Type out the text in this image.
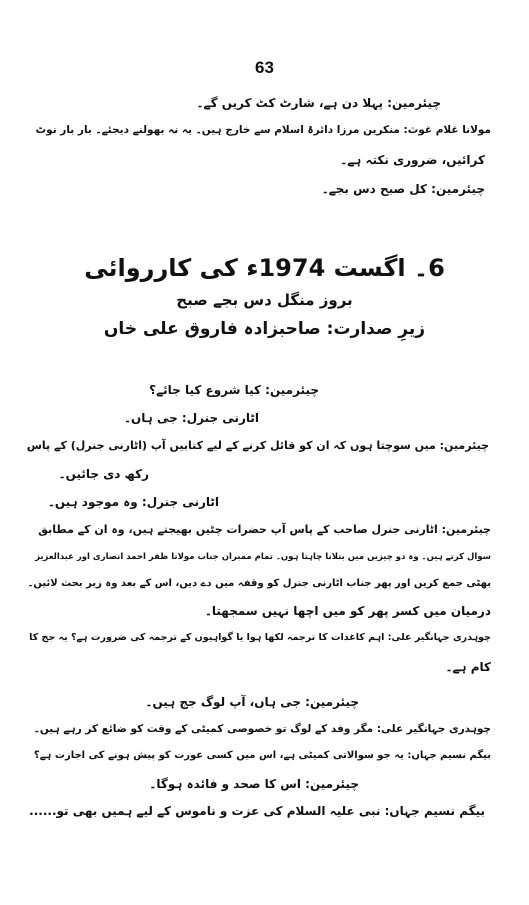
63
چیئرمین: پہلا دن ہے، شارٹ کٹ کریں گے۔
مولانا غلام غوث: منکرین مرزا دائرۂ اسلام سے خارج ہیں۔ یہ نہ بھولنے دیجئے۔ بار بار نوٹ
کرائیں، ضروری نکتہ ہے۔
چیئرمین: کل صبح دس بجے۔
6۔ اگست 1974ء کی کارروائی
بروز منگل دس بجے صبح
زیرِ صدارت: صاحبزادہ فاروق علی خاں
چیئرمین: کیا شروع کیا جائے؟
اٹارنی جنرل: جی ہاں۔
چیئرمین: میں سوچتا ہوں کہ ان کو قائل کرنے کے لیے کتابیں آپ (اٹارنی جنرل) کے پاس
رکھ دی جائیں۔
اٹارنی جنرل: وہ موجود ہیں۔
چیئرمین: اٹارنی جنرل صاحب کے پاس آپ حضرات چٹیں بھیجتے ہیں، وہ ان کے مطابق
سوال کرتے ہیں۔ وہ دو چیزیں میں بتلانا چاہتا ہوں۔ تمام ممبران جناب مولانا ظفر احمد انصاری اور عبدالعزیز
بھٹی جمع کریں اور پھر جناب اٹارنی جنرل کو وقفہ میں دے دیں، اس کے بعد وہ زیر بحث لائیں۔
درمیان میں کسر پھر کو میں اچھا نہیں سمجھتا۔
چوہدری جہانگیر علی: اہم کاغذات کا ترجمہ لکھا ہوا یا گواہیوں کے ترجمہ کی ضرورت ہے؟ یہ جج کا
کام ہے۔
چیئرمین: جی ہاں، آپ لوگ جج ہیں۔
چوہدری جہانگیر علی: مگر وفد کے لوگ تو خصوصی کمیٹی کے وقت کو ضائع کر رہے ہیں۔
بیگم نسیم جہاں: یہ جو سوالاتی کمیٹی ہے، اس میں کسی عورت کو پیش ہونے کی اجازت ہے؟
چیئرمین: اس کا صحد و فائدہ ہوگا۔
بیگم نسیم جہاں: نبی علیہ السلام کی عزت و ناموس کے لیے ہمیں بھی تو......
